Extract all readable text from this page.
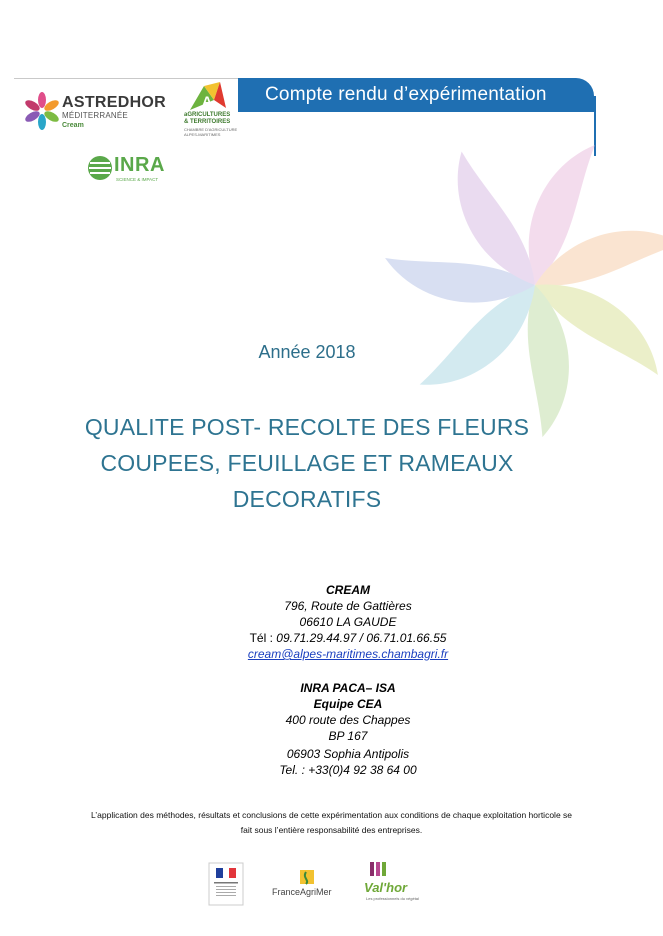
Compte rendu d’expérimentation
ASTREDHOR
MÉDITERRANÉE
Cream
A
aGRICULTURES
& TERRITOIRES
CHAMBRE D'AGRICULTURE
ALPES-MARITIMES
INRA
SCIENCE & IMPACT
Année 2018
QUALITE POST- RECOLTE DES FLEURS
COUPEES, FEUILLAGE ET RAMEAUX
DECORATIFS
CREAM
796, Route de Gattières
06610 LA GAUDE
Tél : 09.71.29.44.97 / 06.71.01.66.55
cream@alpes-maritimes.chambagri.fr
INRA PACA– ISA
Equipe CEA
400 route des Chappes
BP 167
06903 Sophia Antipolis
Tel. : +33(0)4 92 38 64 00
L’application des méthodes, résultats et conclusions de cette expérimentation aux conditions de chaque exploitation horticole se
fait sous l’entière responsabilité des entreprises.
FranceAgriMer Val'hor
Les professionnels du végétal
